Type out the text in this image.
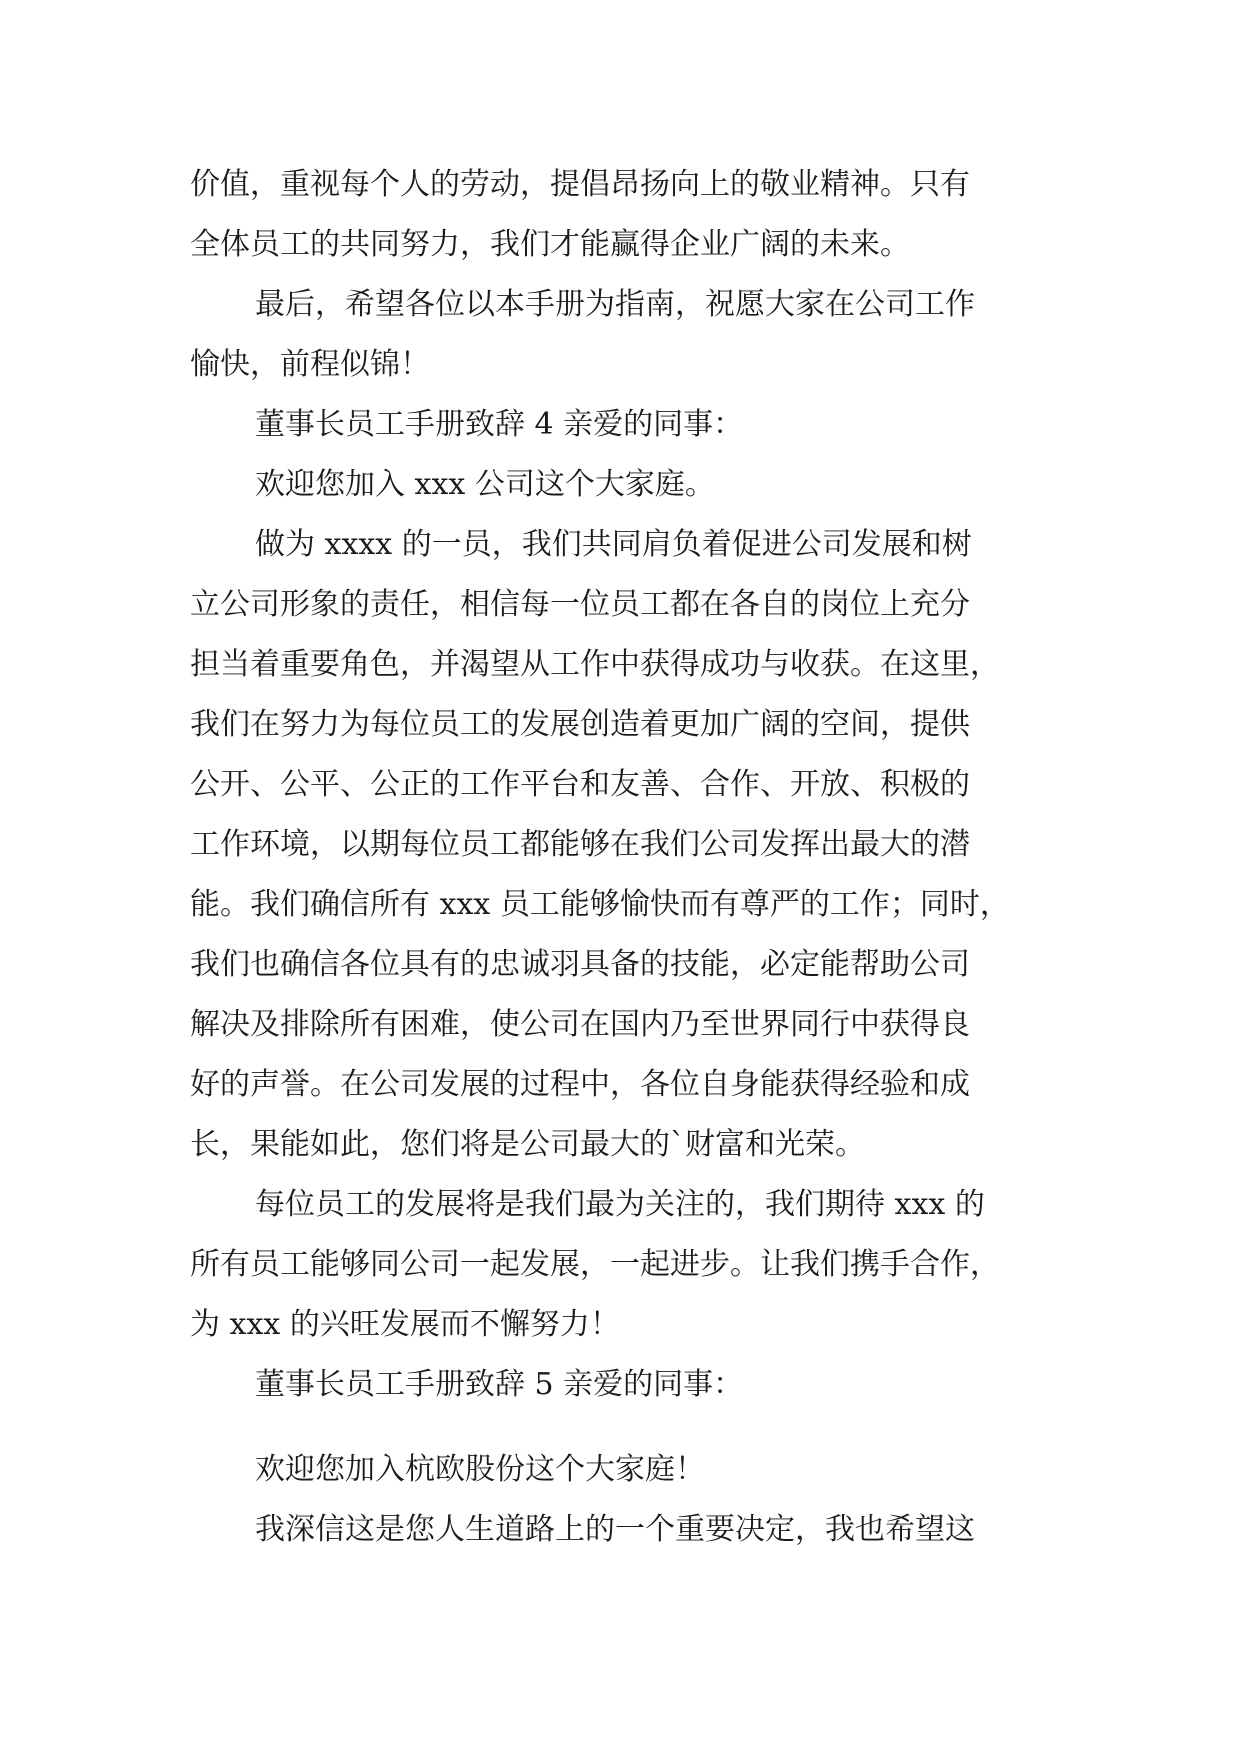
价值，重视每个人的劳动，提倡昂扬向上的敬业精神。只有
全体员工的共同努力，我们才能赢得企业广阔的未来。
最后，希望各位以本手册为指南，祝愿大家在公司工作
愉快，前程似锦！
董事长员工手册致辞 4 亲爱的同事：
欢迎您加入 xxx 公司这个大家庭。
做为 xxxx 的一员，我们共同肩负着促进公司发展和树
立公司形象的责任，相信每一位员工都在各自的岗位上充分
担当着重要角色，并渴望从工作中获得成功与收获。在这里，
我们在努力为每位员工的发展创造着更加广阔的空间，提供
公开、公平、公正的工作平台和友善、合作、开放、积极的
工作环境，以期每位员工都能够在我们公司发挥出最大的潜
能。我们确信所有 xxx 员工能够愉快而有尊严的工作；同时，
我们也确信各位具有的忠诚羽具备的技能，必定能帮助公司
解决及排除所有困难，使公司在国内乃至世界同行中获得良
好的声誉。在公司发展的过程中，各位自身能获得经验和成
长，果能如此，您们将是公司最大的`财富和光荣。
每位员工的发展将是我们最为关注的，我们期待 xxx 的
所有员工能够同公司一起发展，一起进步。让我们携手合作，
为 xxx 的兴旺发展而不懈努力！
董事长员工手册致辞 5 亲爱的同事：
欢迎您加入杭欧股份这个大家庭！
我深信这是您人生道路上的一个重要决定，我也希望这
